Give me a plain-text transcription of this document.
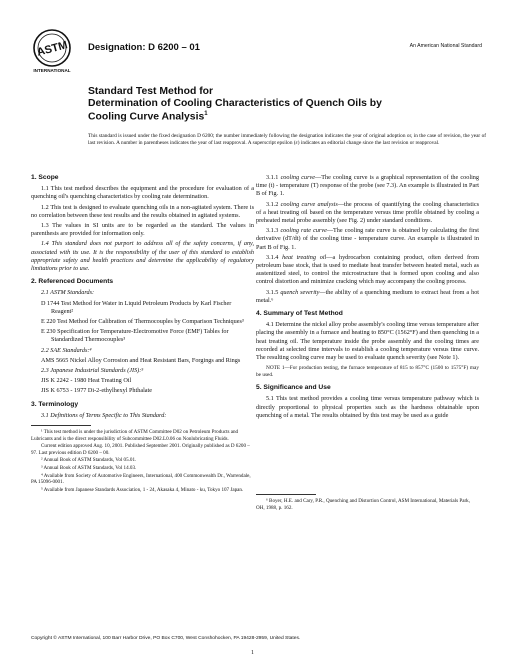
ASTM
INTERNATIONAL
Designation: D 6200 – 01	An American National Standard
Standard Test Method for
Determination of Cooling Characteristics of Quench Oils by
Cooling Curve Analysis$^1$
This standard is issued under the fixed designation D 6200; the number immediately following the designation indicates the year of original adoption or, in the case of revision, the year of last revision. A number in parentheses indicates the year of last reapproval. A superscript epsilon (ε) indicates an editorial change since the last revision or reapproval.
1. Scope

1.1 This test method describes the equipment and the procedure for evaluation of a quenching oil's quenching characteristics by cooling rate determination.

1.2 This test is designed to evaluate quenching oils in a non-agitated system. There is no correlation between these test results and the results obtained in agitated systems.

1.3 The values in SI units are to be regarded as the standard. The values in parenthesis are provided for information only.

1.4 This standard does not purport to address all of the safety concerns, if any, associated with its use. It is the responsibility of the user of this standard to establish appropriate safety and health practices and determine the applicability of regulatory limitations prior to use.

2. Referenced Documents

2.1 ASTM Standards:

D 1744 Test Method for Water in Liquid Petroleum Products by Karl Fischer Reagent²

E 220 Test Method for Calibration of Thermocouples by Comparison Techniques³

E 230 Specification for Temperature-Electromotive Force (EMF) Tables for Standardized Thermocouples³

2.2 SAE Standards:⁴

AMS 5665 Nickel Alloy Corrosion and Heat Resistant Bars, Forgings and Rings

2.3 Japanese Industrial Standards (JIS):⁵

JIS K 2242 - 1980 Heat Treating Oil

JIS K 6753 - 1977 Di-2-ethylhexyl Phthalate

3. Terminology

3.1 Definitions of Terms Specific to This Standard:

¹ This test method is under the jurisdiction of ASTM Committee D02 on Petroleum Products and Lubricants and is the direct responsibility of Subcommittee D02.L0.06 on Nonlubricating Fluids.

Current edition approved Aug. 10, 2001. Published September 2001. Originally published as D 6200 – 97. Last previous edition D 6200 – 00.

² Annual Book of ASTM Standards, Vol 05.01.

³ Annual Book of ASTM Standards, Vol 14.03.

⁴ Available from Society of Automotive Engineers, International, 400 Commonwealth Dr., Warrendale, PA 15096-0001.

⁵ Available from Japanese Standards Association, 1 - 24, Akasaka 4, Minato - ku, Tokyo 107 Japan.

3.1.1 cooling curve—The cooling curve is a graphical representation of the cooling time (t) - temperature (T) response of the probe (see 7.3). An example is illustrated in Part B of Fig. 1.

3.1.2 cooling curve analysis—the process of quantifying the cooling characteristics of a heat treating oil based on the temperature versus time profile obtained by cooling a preheated metal probe assembly (see Fig. 2) under standard conditions.

3.1.3 cooling rate curve—The cooling rate curve is obtained by calculating the first derivative (dT/dt) of the cooling time - temperature curve. An example is illustrated in Part B of Fig. 1.

3.1.4 heat treating oil—a hydrocarbon containing product, often derived from petroleum base stock, that is used to mediate heat transfer between heated metal, such as austenitized steel, to control the microstructure that is formed upon cooling and also control distortion and minimize cracking which may accompany the cooling process.

3.1.5 quench severity—the ability of a quenching medium to extract heat from a hot metal.⁶

4. Summary of Test Method

4.1 Determine the nickel alloy probe assembly's cooling time versus temperature after placing the assembly in a furnace and heating to 850°C (1562°F) and then quenching in a heat treating oil. The temperature inside the probe assembly and the cooling times are recorded at selected time intervals to establish a cooling temperature versus time curve. The resulting cooling curve may be used to evaluate quench severity (see Note 1).

NOTE 1—For production testing, the furnace temperature of 815 to 857°C (1500 to 1575°F) may be used.

5. Significance and Use

5.1 This test method provides a cooling time versus temperature pathway which is directly proportional to physical properties such as the hardness obtainable upon quenching of a metal. The results obtained by this test may be used as a guide

⁶ Boyer, H.E. and Cary, P.R., Quenching and Distortion Control, ASM International, Materials Park, OH, 1988, p. 162.

Copyright © ASTM International, 100 Barr Harbor Drive, PO Box C700, West Conshohocken, PA 19428-2959, United States.
1
